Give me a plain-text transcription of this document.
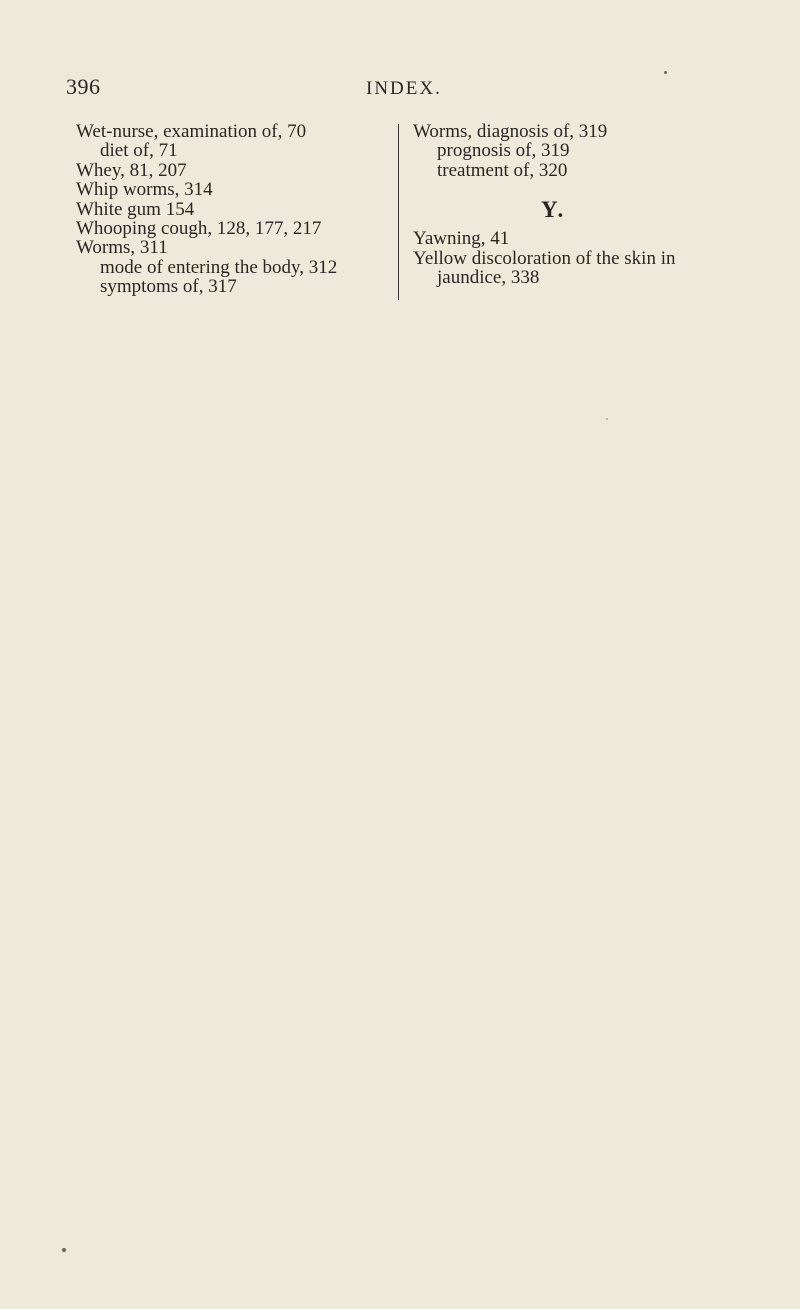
396	INDEX.
Wet-nurse, examination of, 70
diet of, 71
Whey, 81, 207
Whip worms, 314
White gum 154
Whooping cough, 128, 177, 217
Worms, 311
mode of entering the body, 312
symptoms of, 317
Worms, diagnosis of, 319
prognosis of, 319
treatment of, 320
Y.
Yawning, 41
Yellow discoloration of the skin in
jaundice, 338
